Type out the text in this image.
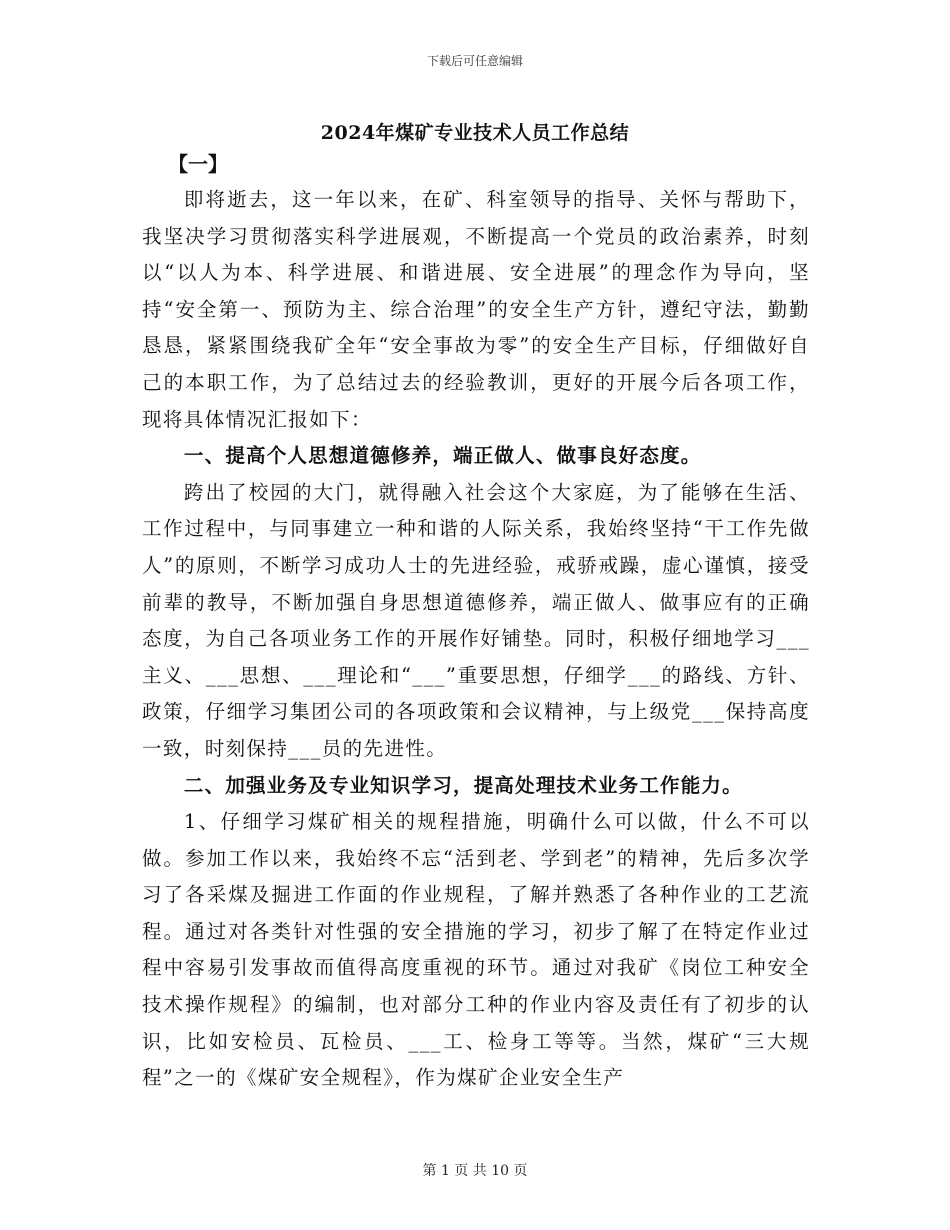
下载后可任意编辑
2024年煤矿专业技术人员工作总结
【一】

即将逝去，这一年以来，在矿、科室领导的指导、关怀与帮助下，我坚决学习贯彻落实科学进展观，不断提高一个党员的政治素养，时刻以“以人为本、科学进展、和谐进展、安全进展”的理念作为导向，坚持“安全第一、预防为主、综合治理”的安全生产方针，遵纪守法，勤勤恳恳，紧紧围绕我矿全年“安全事故为零”的安全生产目标，仔细做好自己的本职工作，为了总结过去的经验教训，更好的开展今后各项工作，现将具体情况汇报如下：

一、提高个人思想道德修养，端正做人、做事良好态度。

跨出了校园的大门，就得融入社会这个大家庭，为了能够在生活、工作过程中，与同事建立一种和谐的人际关系，我始终坚持“干工作先做人”的原则，不断学习成功人士的先进经验，戒骄戒躁，虚心谨慎，接受前辈的教导，不断加强自身思想道德修养，端正做人、做事应有的正确态度，为自己各项业务工作的开展作好铺垫。同时，积极仔细地学习___主义、___思想、___理论和“___”重要思想，仔细学___的路线、方针、政策，仔细学习集团公司的各项政策和会议精神，与上级党___保持高度一致，时刻保持___员的先进性。

二、加强业务及专业知识学习，提高处理技术业务工作能力。

1、仔细学习煤矿相关的规程措施，明确什么可以做，什么不可以做。参加工作以来，我始终不忘“活到老、学到老”的精神，先后多次学习了各采煤及掘进工作面的作业规程，了解并熟悉了各种作业的工艺流程。通过对各类针对性强的安全措施的学习，初步了解了在特定作业过程中容易引发事故而值得高度重视的环节。通过对我矿《岗位工种安全技术操作规程》的编制，也对部分工种的作业内容及责任有了初步的认识，比如安检员、瓦检员、___工、检身工等等。当然，煤矿“三大规程”之一的《煤矿安全规程》，作为煤矿企业安全生产

第 1 页 共 10 页
